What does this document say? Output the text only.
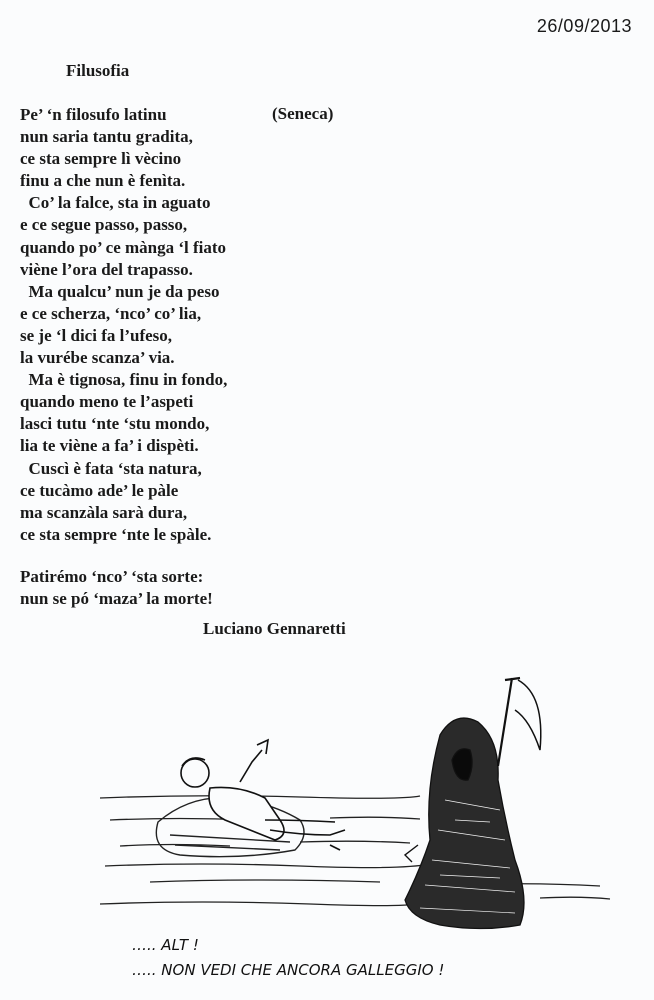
26/09/2013
Filusofia
(Seneca)
Pe’ ‘n filosufo latinu
nun saria tantu gradita,
ce sta sempre lì vècino
finu a che nun è fenìta.
Co’ la falce, sta in aguato
e ce segue passo, passo,
quando po’ ce mànga ‘l fiato
viène l’ora del trapasso.
Ma qualcu’ nun je da peso
e ce scherza, ‘nco’ co’ lia,
se je ‘l dici fa l’ufeso,
la vurébe scanza’ via.
Ma è tignosa, finu in fondo,
quando meno te l’aspeti
lasci tutu ‘nte ‘stu mondo,
lia te viène a fa’ i dispèti.
Cuscì è fata ‘sta natura,
ce tucàmo ade’ le pàle
ma scanzàla sarà dura,
ce sta sempre ‘nte le spàle.
Patirémo ‘nco’ ‘sta sorte:
nun se pó ‘maza’ la morte!
Luciano Gennaretti
….. ALT !
….. NON VEDI CHE ANCORA GALLEGGIO !
